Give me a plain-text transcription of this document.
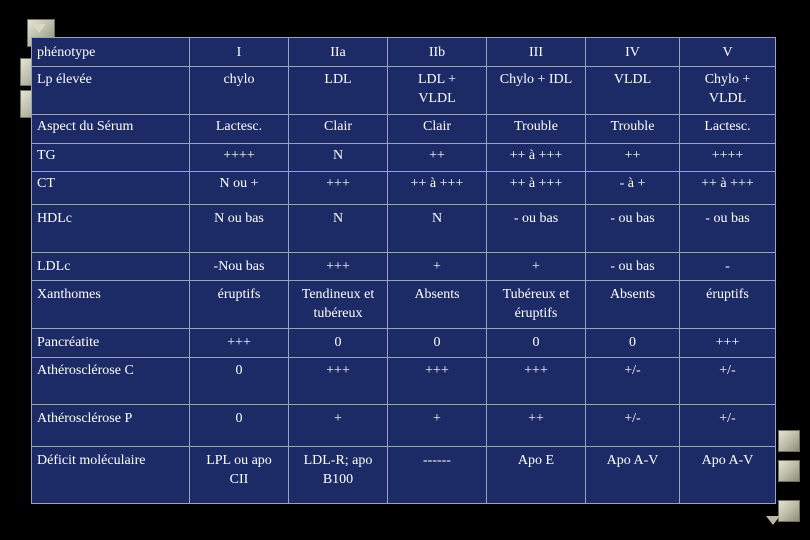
phénotype	I	IIa	IIb	III	IV	V
Lp élevée	chylo	LDL	LDL + VLDL	Chylo + IDL	VLDL	Chylo + VLDL
Aspect du Sérum	Lactesc.	Clair	Clair	Trouble	Trouble	Lactesc.
TG	++++	N	++	++ à +++	++	++++
CT	N ou +	+++	++ à +++	++ à +++	- à +	++ à +++
HDLc	N ou bas	N	N	- ou bas	- ou bas	- ou bas
LDLc	-Nou bas	+++	+	+	- ou bas	-
Xanthomes	éruptifs	Tendineux et tubéreux	Absents	Tubéreux et éruptifs	Absents	éruptifs
Pancréatite	+++	0	0	0	0	+++
Athérosclérose C	0	+++	+++	+++	+/-	+/-
Athérosclérose P	0	+	+	++	+/-	+/-
Déficit moléculaire	LPL ou apo CII	LDL-R; apo B100	------	Apo E	Apo A-V	Apo A-V
